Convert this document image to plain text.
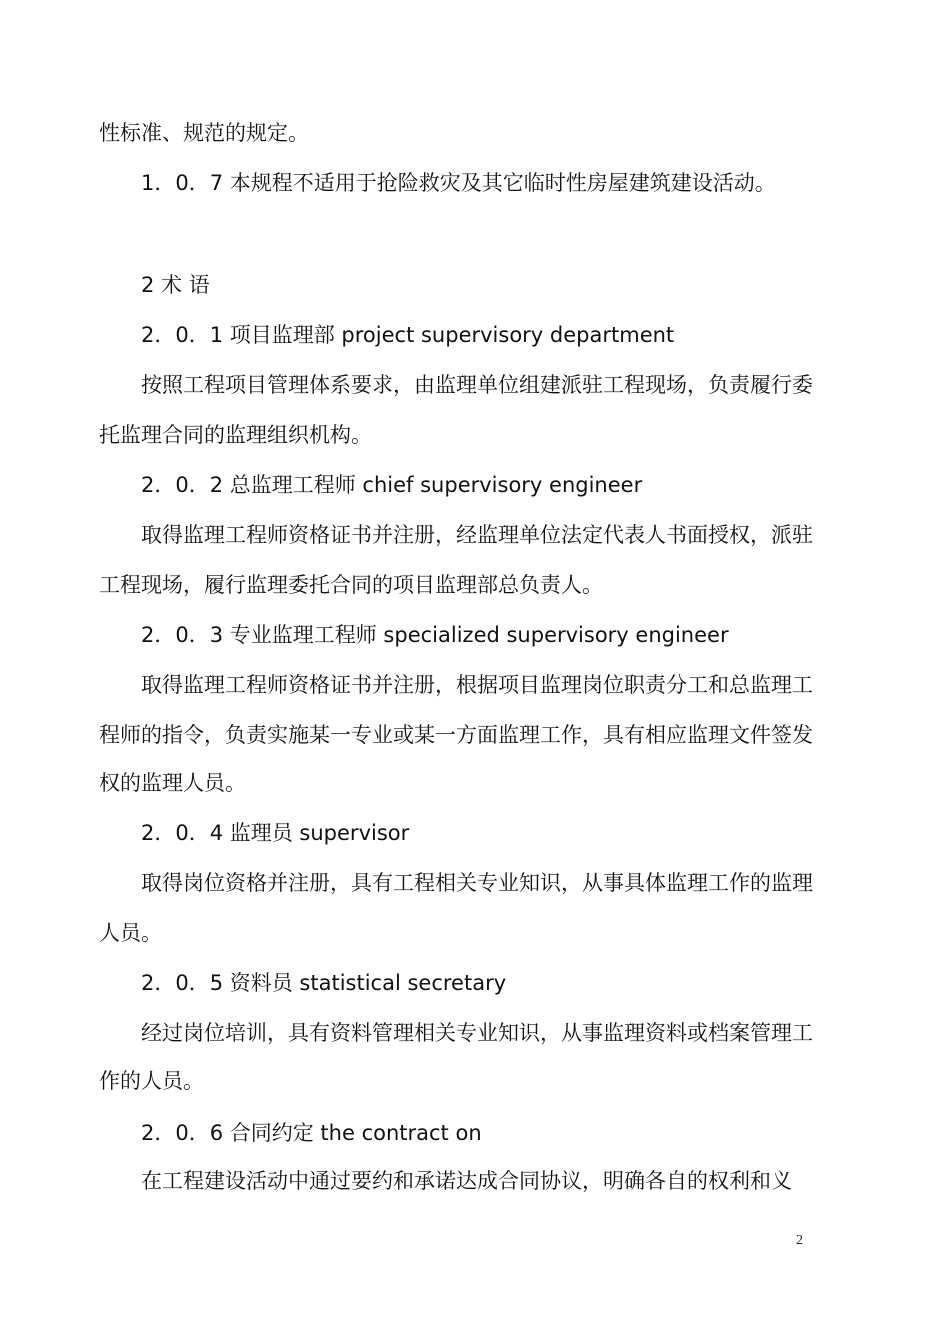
性标准、规范的规定。
1．0．7 本规程不适用于抢险救灾及其它临时性房屋建筑建设活动。
2 术 语
2．0．1 项目监理部 project supervisory department
按照工程项目管理体系要求，由监理单位组建派驻工程现场，负责履行委
托监理合同的监理组织机构。
2．0．2 总监理工程师 chief supervisory engineer
取得监理工程师资格证书并注册，经监理单位法定代表人书面授权，派驻
工程现场，履行监理委托合同的项目监理部总负责人。
2．0．3 专业监理工程师 specialized supervisory engineer
取得监理工程师资格证书并注册，根据项目监理岗位职责分工和总监理工
程师的指令，负责实施某一专业或某一方面监理工作，具有相应监理文件签发
权的监理人员。
2．0．4 监理员 supervisor
取得岗位资格并注册，具有工程相关专业知识，从事具体监理工作的监理
人员。
2．0．5 资料员 statistical secretary
经过岗位培训，具有资料管理相关专业知识，从事监理资料或档案管理工
作的人员。
2．0．6 合同约定 the contract on
在工程建设活动中通过要约和承诺达成合同协议，明确各自的权利和义
2
